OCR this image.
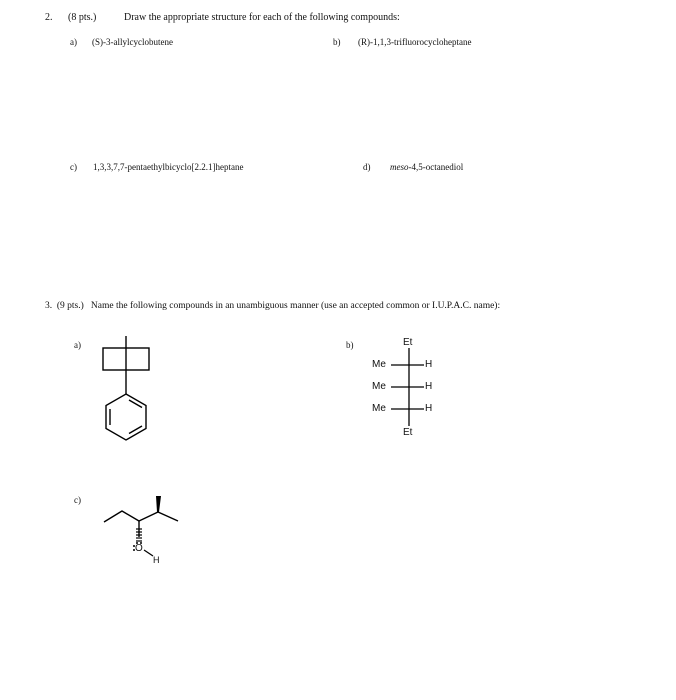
2. (8 pts.)	Draw the appropriate structure for each of the following compounds:
a) (S)-3-allylcyclobutene	b) (R)-1,1,3-trifluorocycloheptane
c) 1,3,3,7,7-pentaethylbicyclo[2.2.1]heptane	d) meso-4,5-octanediol
3.  (9 pts.)   Name the following compounds in an unambiguous manner (use an accepted common or I.U.P.A.C. name):
a)	b)	Et
Et
Me
Me
Me
H
H
H
c)
O
H
